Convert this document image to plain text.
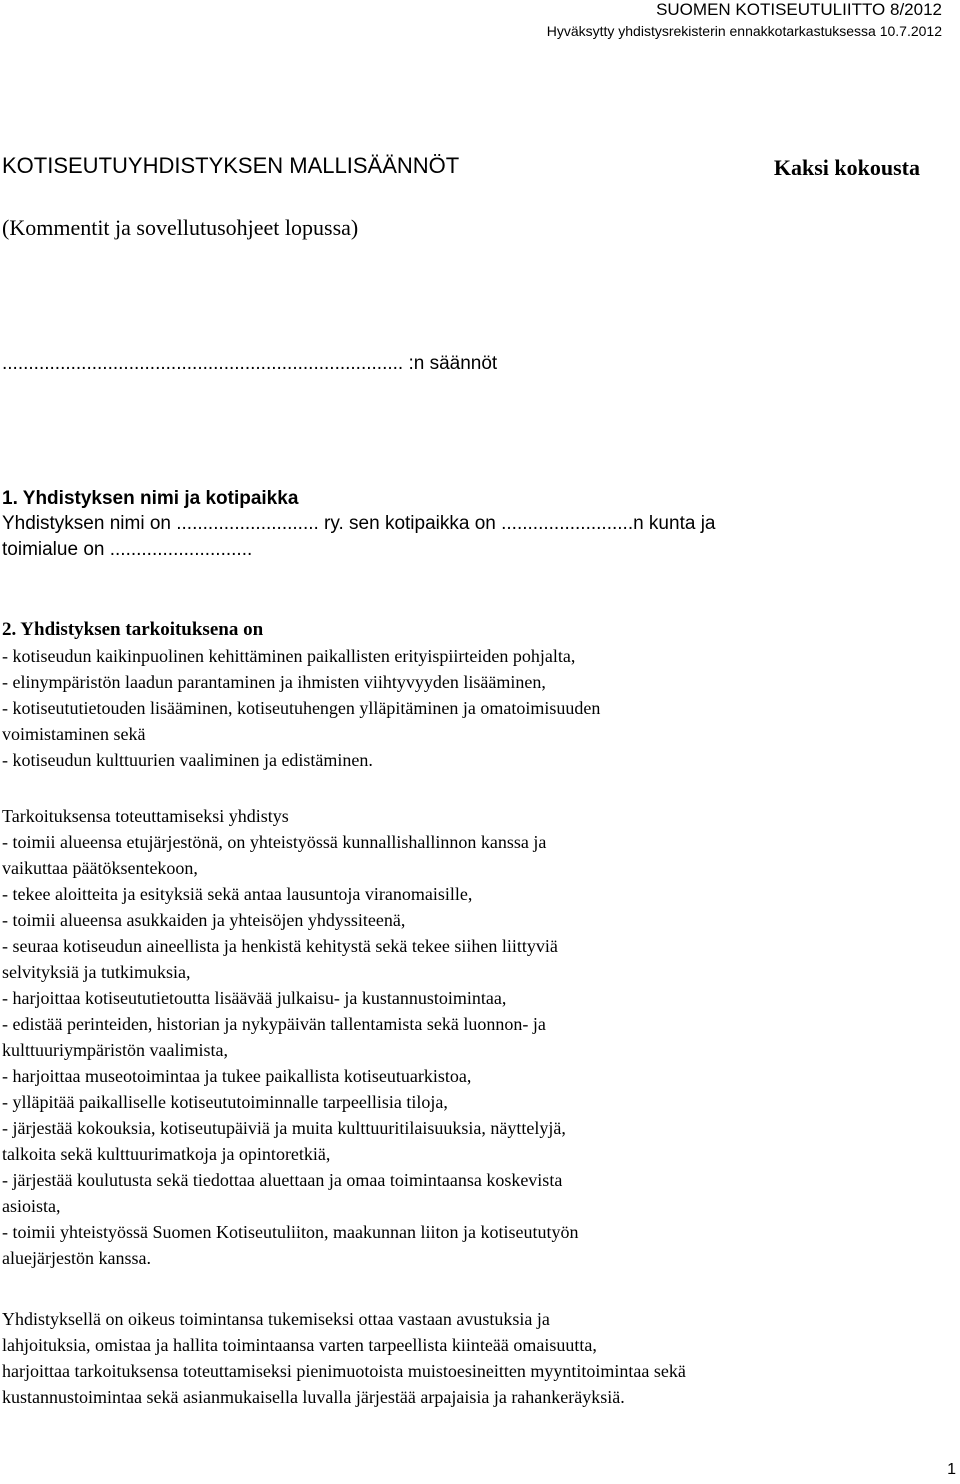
SUOMEN KOTISEUTULIITTO 8/2012
Hyväksytty yhdistysrekisterin ennakkotarkastuksessa 10.7.2012
KOTISEUTUYHDISTYKSEN MALLISÄÄNNÖT	Kaksi kokousta
(Kommentit ja sovellutusohjeet lopussa)
............................................................................ :n säännöt
1. Yhdistyksen nimi ja kotipaikka
Yhdistyksen nimi on ........................... ry. sen kotipaikka on .........................n kunta ja
toimialue on ...........................
2. Yhdistyksen tarkoituksena on
- kotiseudun kaikinpuolinen kehittäminen paikallisten erityispiirteiden pohjalta,
- elinympäristön laadun parantaminen ja ihmisten viihtyvyyden lisääminen,
- kotiseututietouden lisääminen, kotiseutuhengen ylläpitäminen ja omatoimisuuden
voimistaminen sekä
- kotiseudun kulttuurien vaaliminen ja edistäminen.
Tarkoituksensa toteuttamiseksi yhdistys
- toimii alueensa etujärjestönä, on yhteistyössä kunnallishallinnon kanssa ja
vaikuttaa päätöksentekoon,
- tekee aloitteita ja esityksiä sekä antaa lausuntoja viranomaisille,
- toimii alueensa asukkaiden ja yhteisöjen yhdyssiteenä,
- seuraa kotiseudun aineellista ja henkistä kehitystä sekä tekee siihen liittyviä
selvityksiä ja tutkimuksia,
- harjoittaa kotiseututietoutta lisäävää julkaisu- ja kustannustoimintaa,
- edistää perinteiden, historian ja nykypäivän tallentamista sekä luonnon- ja
kulttuuriympäristön vaalimista,
- harjoittaa museotoimintaa ja tukee paikallista kotiseutuarkistoa,
- ylläpitää paikalliselle kotiseututoiminnalle tarpeellisia tiloja,
- järjestää kokouksia, kotiseutupäiviä ja muita kulttuuritilaisuuksia, näyttelyjä,
talkoita sekä kulttuurimatkoja ja opintoretkiä,
- järjestää koulutusta sekä tiedottaa aluettaan ja omaa toimintaansa koskevista
asioista,
- toimii yhteistyössä Suomen Kotiseutuliiton, maakunnan liiton ja kotiseututyön
aluejärjestön kanssa.
Yhdistyksellä on oikeus toimintansa tukemiseksi ottaa vastaan avustuksia ja
lahjoituksia, omistaa ja hallita toimintaansa varten tarpeellista kiinteää omaisuutta,
harjoittaa tarkoituksensa toteuttamiseksi pienimuotoista muistoesineitten myyntitoimintaa sekä
kustannustoimintaa sekä asianmukaisella luvalla järjestää arpajaisia ja rahankeräyksiä.
1
